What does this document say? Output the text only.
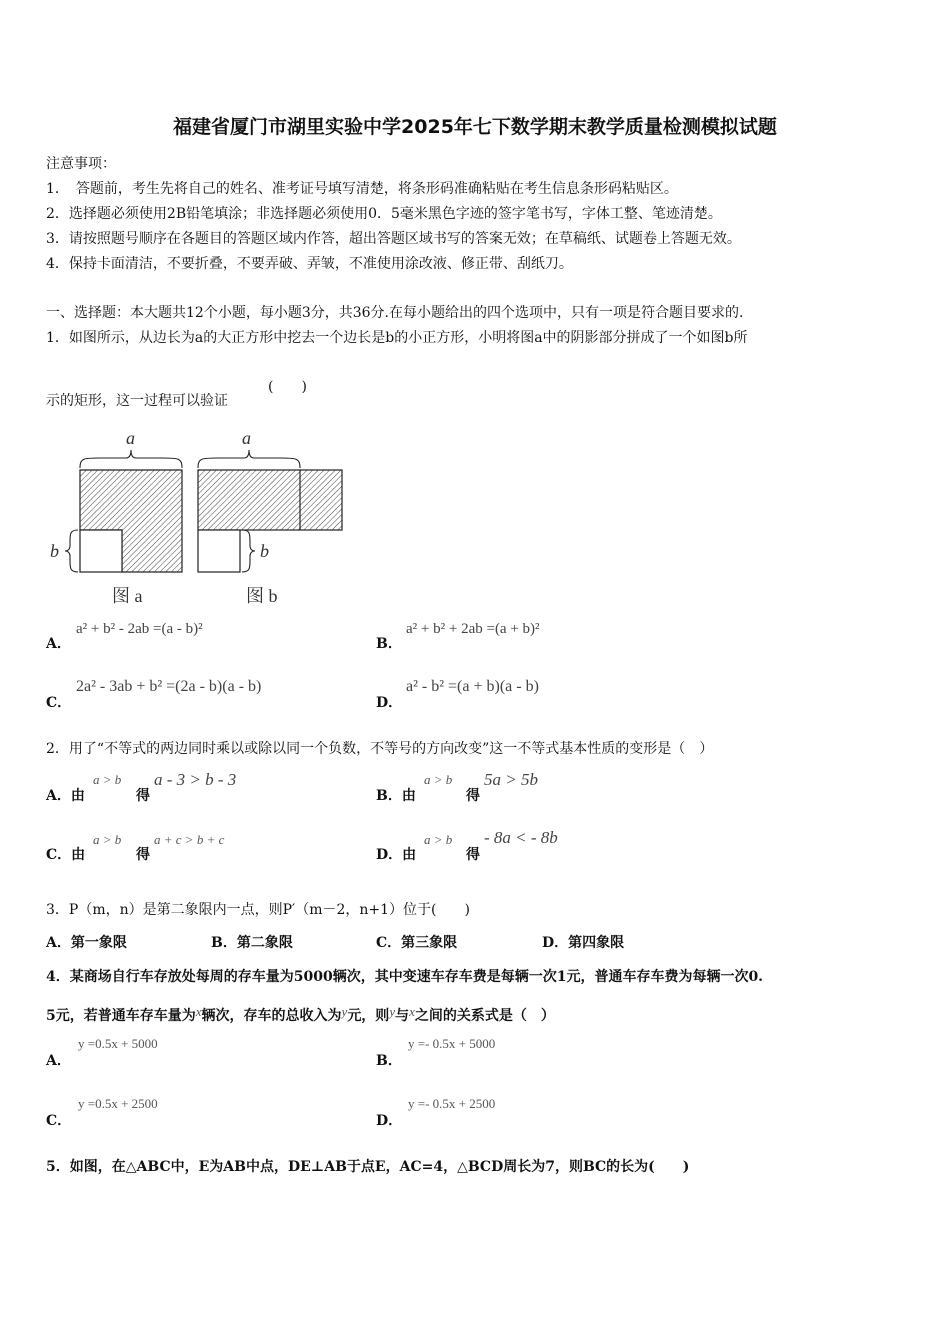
福建省厦门市湖里实验中学2025年七下数学期末教学质量检测模拟试题
注意事项：
1．　答题前，考生先将自己的姓名、准考证号填写清楚，将条形码准确粘贴在考生信息条形码粘贴区。
2．选择题必须使用2B铅笔填涂；非选择题必须使用0．5毫米黑色字迹的签字笔书写，字体工整、笔迹清楚。
3．请按照题号顺序在各题目的答题区域内作答，超出答题区域书写的答案无效；在草稿纸、试题卷上答题无效。
4．保持卡面清洁，不要折叠，不要弄破、弄皱，不准使用涂改液、修正带、刮纸刀。
一、选择题：本大题共12个小题，每小题3分，共36分.在每小题给出的四个选项中，只有一项是符合题目要求的.
1．如图所示，从边长为a的大正方形中挖去一个边长是b的小正方形，小明将图a中的阴影部分拼成了一个如图b所
示的矩形，这一过程可以验证
(　　)
a
b
图 a
a
b
图 b
A．
a² + b² - 2ab =(a - b)²
B．
a² + b² + 2ab =(a + b)²
C．
2a² - 3ab + b² =(2a - b)(a - b)
D．
a² - b² =(a + b)(a - b)
2．用了“不等式的两边同时乘以或除以同一个负数，不等号的方向改变”这一不等式基本性质的变形是（　）
A．由
a > b
得
a - 3 > b - 3
B．由
a > b
得
5a > 5b
C．由
a > b
得
a + c > b + c
D．由
a > b
得
- 8a < - 8b
3．P（m，n）是第二象限内一点，则P′（m－2，n+1）位于(　　)
A．第一象限	B．第二象限	C．第三象限	D．第四象限
4．某商场自行车存放处每周的存车量为5000辆次，其中变速车存车费是每辆一次1元，普通车存车费为每辆一次0.
5元，若普通车存车量为x辆次，存车的总收入为y元，则y与x之间的关系式是（　）
A．
y =0.5x + 5000
B．
y =- 0.5x + 5000
C．
y =0.5x + 2500
D．
y =- 0.5x + 2500
5．如图，在△ABC中，E为AB中点，DE⊥AB于点E，AC=4，△BCD周长为7，则BC的长为(　　)
